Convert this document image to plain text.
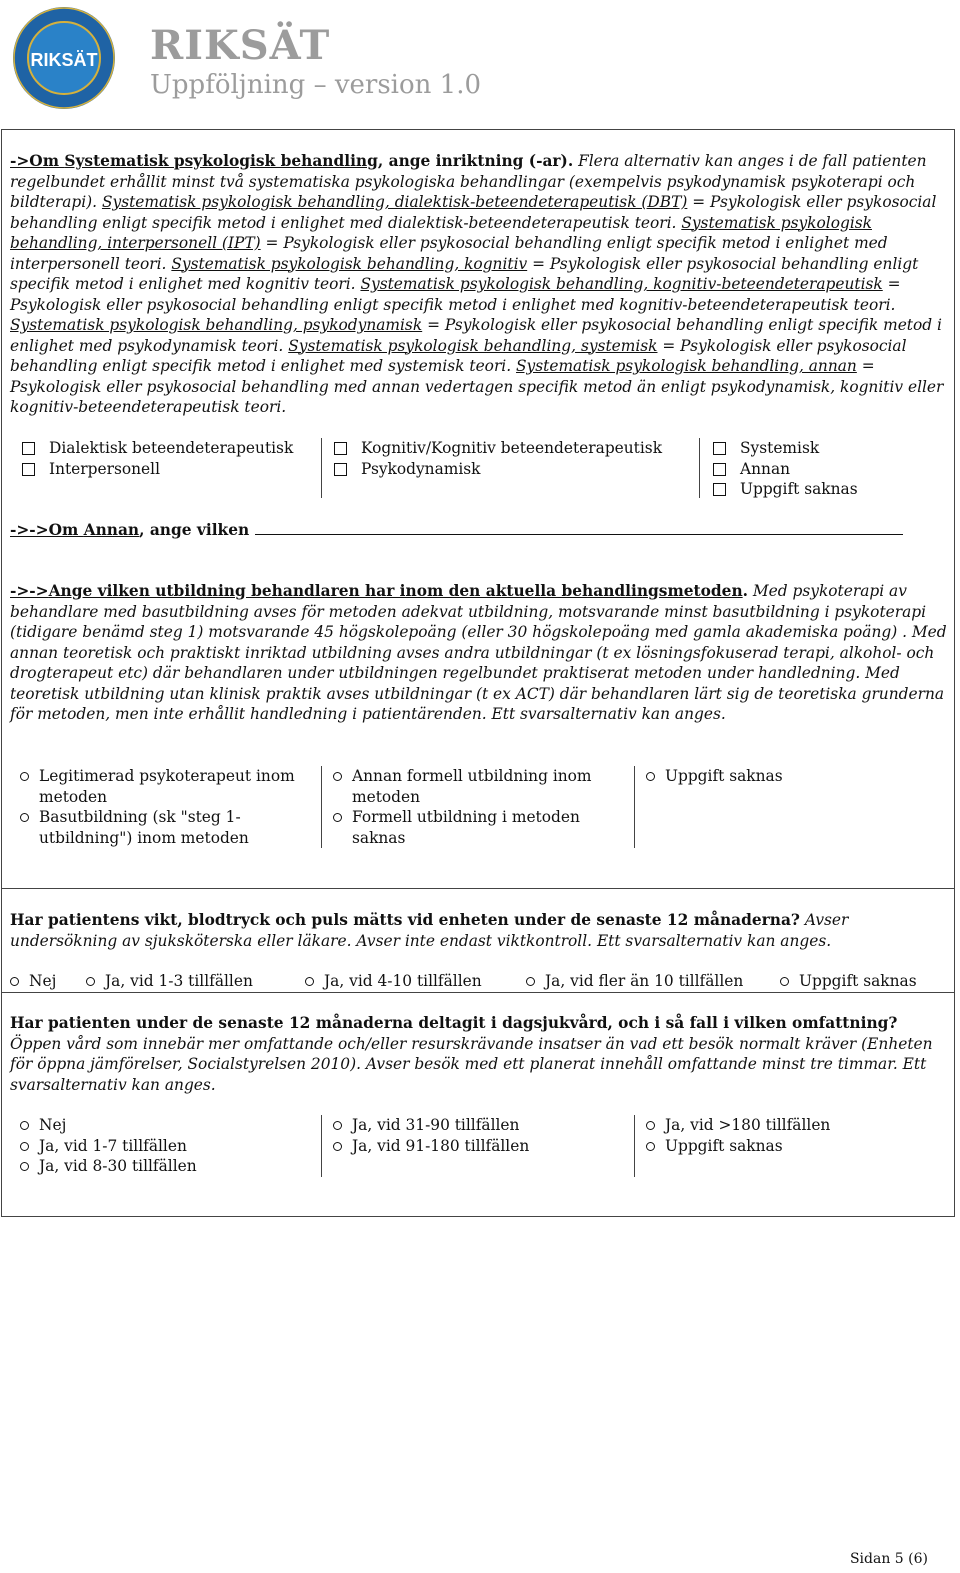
RIKSÄT RIKSÄT
Uppföljning – version 1.0
->Om Systematisk psykologisk behandling, ange inriktning (-ar). Flera alternativ kan anges i de fall patienten regelbundet erhållit minst två systematiska psykologiska behandlingar (exempelvis psykodynamisk psykoterapi och bildterapi). Systematisk psykologisk behandling, dialektisk-beteendeterapeutisk (DBT) = Psykologisk eller psykosocial behandling enligt specifik metod i enlighet med dialektisk-beteendeterapeutisk teori. Systematisk psykologisk behandling, interpersonell (IPT) = Psykologisk eller psykosocial behandling enligt specifik metod i enlighet med interpersonell teori. Systematisk psykologisk behandling, kognitiv = Psykologisk eller psykosocial behandling enligt specifik metod i enlighet med kognitiv teori. Systematisk psykologisk behandling, kognitiv-beteendeterapeutisk = Psykologisk eller psykosocial behandling enligt specifik metod i enlighet med kognitiv-beteendeterapeutisk teori. Systematisk psykologisk behandling, psykodynamisk = Psykologisk eller psykosocial behandling enligt specifik metod i enlighet med psykodynamisk teori. Systematisk psykologisk behandling, systemisk = Psykologisk eller psykosocial behandling enligt specifik metod i enlighet med systemisk teori. Systematisk psykologisk behandling, annan = Psykologisk eller psykosocial behandling med annan vedertagen specifik metod än enligt psykodynamisk, kognitiv eller kognitiv-beteendeterapeutisk teori.
Dialektisk beteendeterapeutisk
Interpersonell
Kognitiv/Kognitiv beteendeterapeutisk
Psykodynamisk
Systemisk
Annan
Uppgift saknas
->->Om Annan, ange vilken
->->Ange vilken utbildning behandlaren har inom den aktuella behandlingsmetoden. Med psykoterapi av behandlare med basutbildning avses för metoden adekvat utbildning, motsvarande minst basutbildning i psykoterapi (tidigare benämd steg 1) motsvarande 45 högskolepoäng (eller 30 högskolepoäng med gamla akademiska poäng) . Med annan teoretisk och praktiskt inriktad utbildning avses andra utbildningar (t ex lösningsfokuserad terapi, alkohol- och drogterapeut etc) där behandlaren under utbildningen regelbundet praktiserat metoden under handledning. Med teoretisk utbildning utan klinisk praktik avses utbildningar (t ex ACT) där behandlaren lärt sig de teoretiska grunderna för metoden, men inte erhållit handledning i patientärenden. Ett svarsalternativ kan anges.
Legitimerad psykoterapeut inom metoden
Basutbildning (sk "steg 1-utbildning") inom metoden
Annan formell utbildning inom metoden
Formell utbildning i metoden saknas
Uppgift saknas
Har patientens vikt, blodtryck och puls mätts vid enheten under de senaste 12 månaderna? Avser undersökning av sjuksköterska eller läkare. Avser inte endast viktkontroll. Ett svarsalternativ kan anges.
Nej	Ja, vid 1-3 tillfällen	Ja, vid 4-10 tillfällen	Ja, vid fler än 10 tillfällen	Uppgift saknas
Har patienten under de senaste 12 månaderna deltagit i dagsjukvård, och i så fall i vilken omfattning? Öppen vård som innebär mer omfattande och/eller resurskrävande insatser än vad ett besök normalt kräver (Enheten för öppna jämförelser, Socialstyrelsen 2010). Avser besök med ett planerat innehåll omfattande minst tre timmar. Ett svarsalternativ kan anges.
Nej
Ja, vid 1-7 tillfällen
Ja, vid 8-30 tillfällen
Ja, vid 31-90 tillfällen
Ja, vid 91-180 tillfällen
Ja, vid >180 tillfällen
Uppgift saknas
Sidan 5 (6)
